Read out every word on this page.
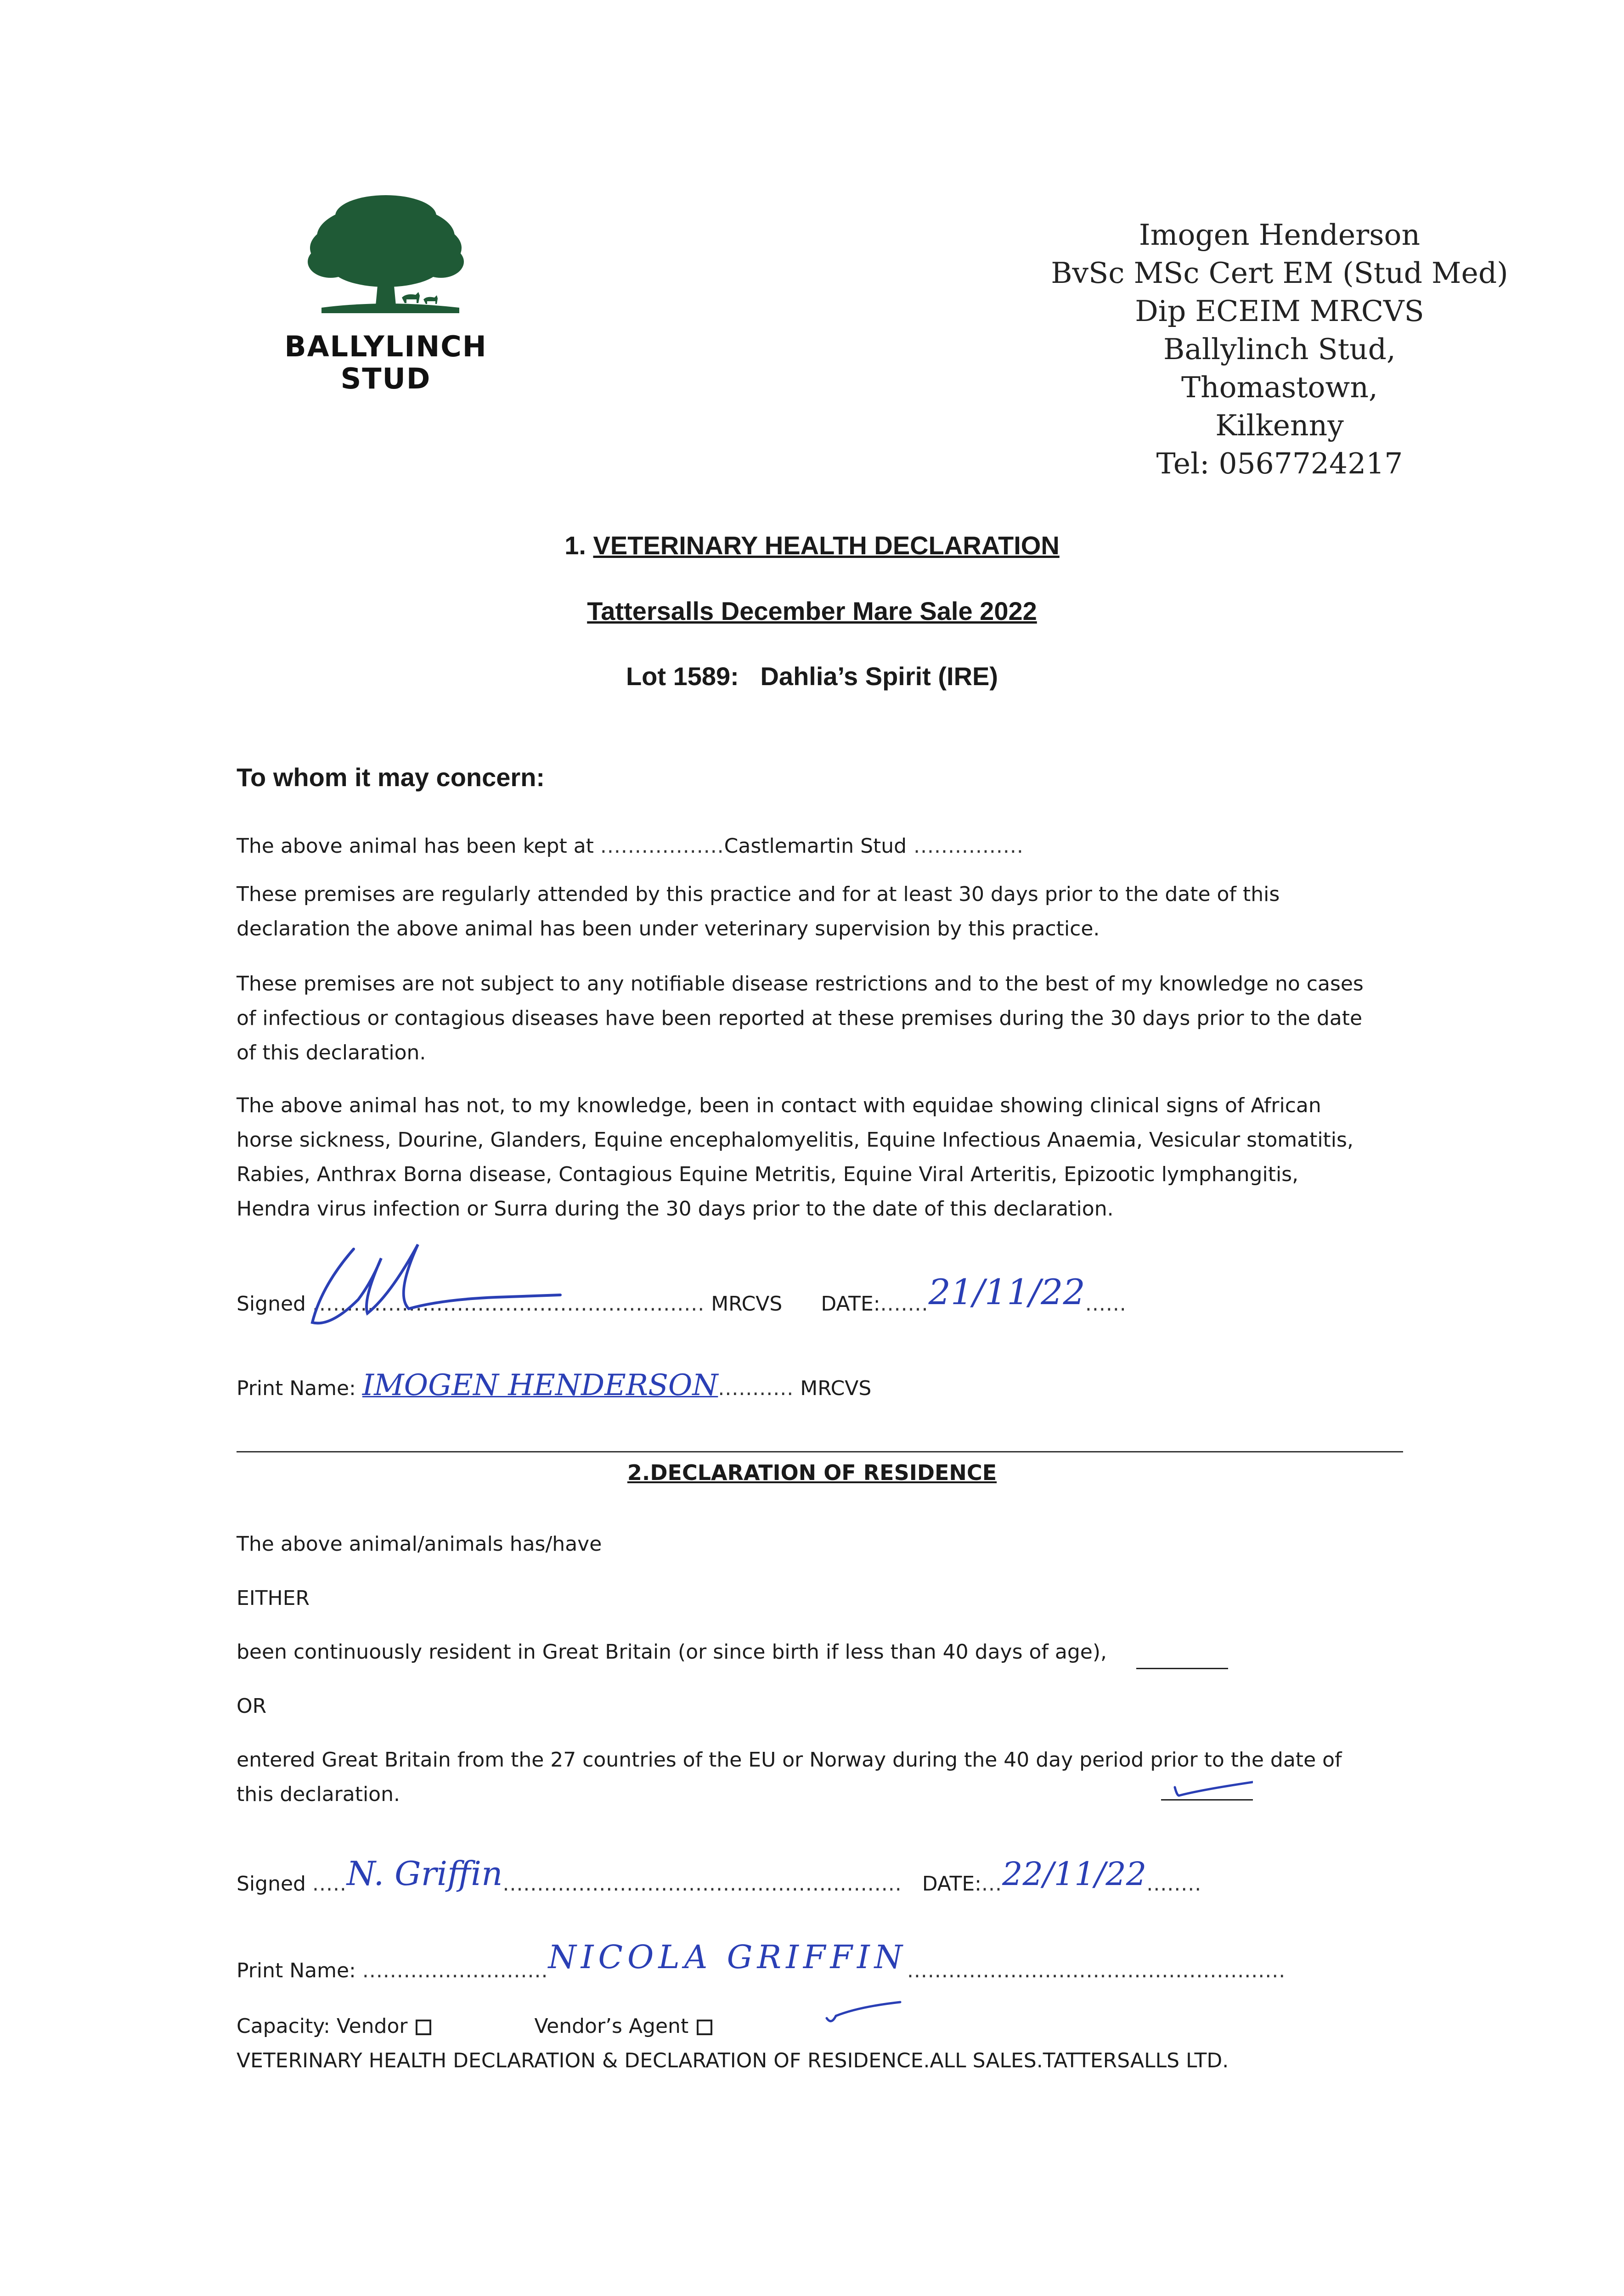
BALLYLINCH
STUD
Imogen Henderson
BvSc MSc Cert EM (Stud Med)
Dip ECEIM MRCVS
Ballylinch Stud,
Thomastown,
Kilkenny
Tel: 0567724217
1. VETERINARY HEALTH DECLARATION
Tattersalls December Mare Sale 2022
Lot 1589:   Dahlia’s Spirit (IRE)
To whom it may concern:
The above animal has been kept at ..................Castlemartin Stud ................
These premises are regularly attended by this practice and for at least 30 days prior to the date of this
declaration the above animal has been under veterinary supervision by this practice.
These premises are not subject to any notifiable disease restrictions and to the best of my knowledge no cases
of infectious or contagious diseases have been reported at these premises during the 30 days prior to the date
of this declaration.
The above animal has not, to my knowledge, been in contact with equidae showing clinical signs of African
horse sickness, Dourine, Glanders, Equine encephalomyelitis, Equine Infectious Anaemia, Vesicular stomatitis,
Rabies, Anthrax Borna disease, Contagious Equine Metritis, Equine Viral Arteritis, Epizootic lymphangitis,
Hendra virus infection or Surra during the 30 days prior to the date of this declaration.
Signed ......................................................... MRCVS DATE:.......21/11/22......
Print Name: IMOGEN HENDERSON........... MRCVS
2.DECLARATION OF RESIDENCE
The above animal/animals has/have
EITHER
been continuously resident in Great Britain (or since birth if less than 40 days of age),
OR
entered Great Britain from the 27 countries of the EU or Norway during the 40 day period prior to the date of
this declaration.
Signed .....N. Griffin.......................................................... DATE:...22/11/22........
Print Name: ...........................NICOLA GRIFFIN.......................................................
Capacity: Vendor	Vendor’s Agent
VETERINARY HEALTH DECLARATION & DECLARATION OF RESIDENCE.ALL SALES.TATTERSALLS LTD.
